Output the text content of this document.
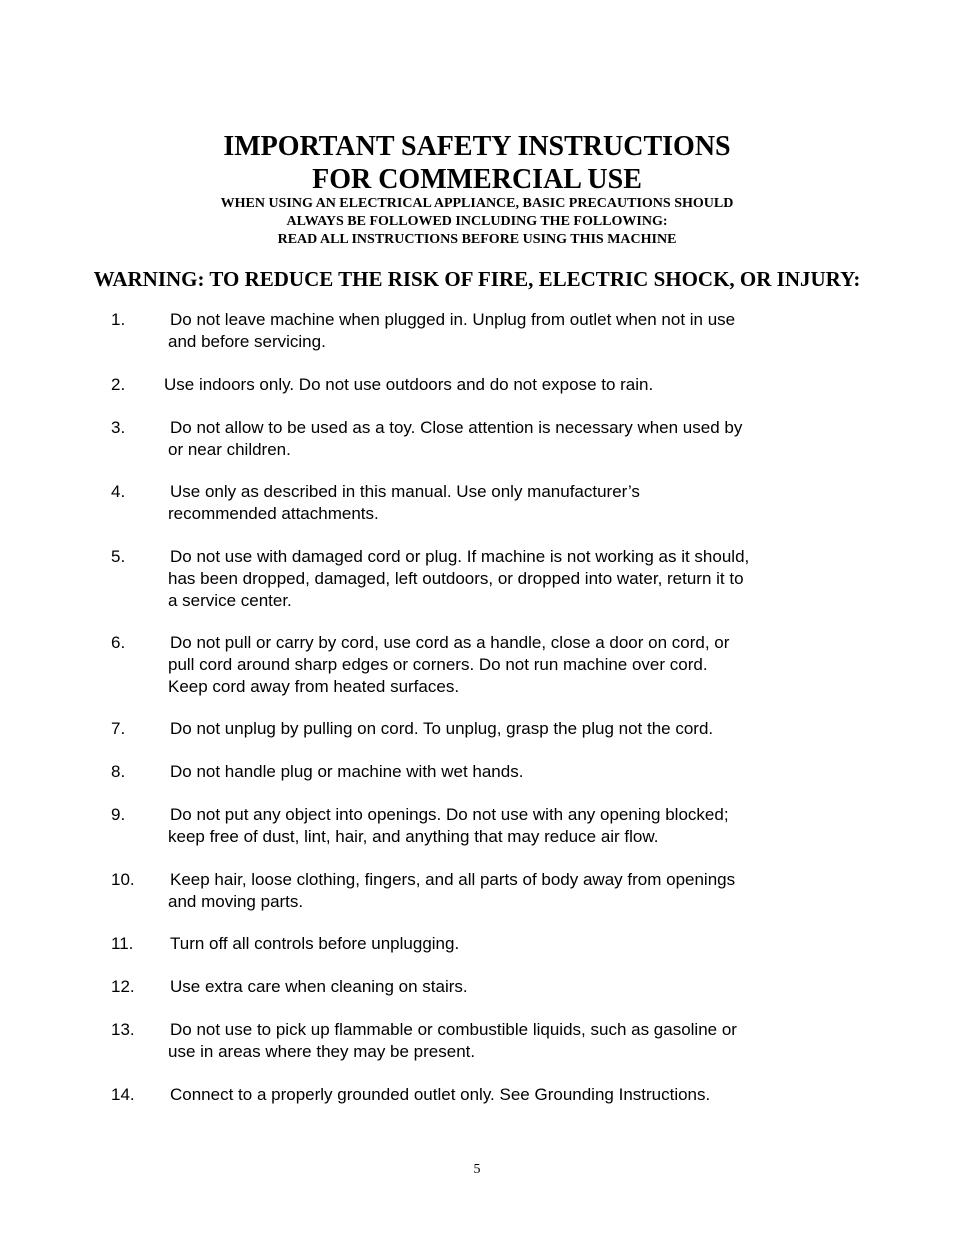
IMPORTANT SAFETY INSTRUCTIONS
FOR COMMERCIAL USE
WHEN USING AN ELECTRICAL APPLIANCE, BASIC PRECAUTIONS SHOULD
ALWAYS BE FOLLOWED INCLUDING THE FOLLOWING:
READ ALL INSTRUCTIONS BEFORE USING THIS MACHINE
WARNING: TO REDUCE THE RISK OF FIRE, ELECTRIC SHOCK, OR INJURY:
1.	Do not leave machine when plugged in. Unplug from outlet when not in use
and before servicing.
2. Use indoors only. Do not use outdoors and do not expose to rain.
3.	Do not allow to be used as a toy. Close attention is necessary when used by
or near children.
4.	Use only as described in this manual. Use only manufacturer’s
recommended attachments.
5.	Do not use with damaged cord or plug. If machine is not working as it should,
has been dropped, damaged, left outdoors, or dropped into water, return it to
a service center.
6.	Do not pull or carry by cord, use cord as a handle, close a door on cord, or
pull cord around sharp edges or corners. Do not run machine over cord.
Keep cord away from heated surfaces.
7.	Do not unplug by pulling on cord. To unplug, grasp the plug not the cord.
8.	Do not handle plug or machine with wet hands.
9.	Do not put any object into openings. Do not use with any opening blocked;
keep free of dust, lint, hair, and anything that may reduce air flow.
10. Keep hair, loose clothing, fingers, and all parts of body away from openings
and moving parts.
11. Turn off all controls before unplugging.
12. Use extra care when cleaning on stairs.
13. Do not use to pick up flammable or combustible liquids, such as gasoline or
use in areas where they may be present.
14. Connect to a properly grounded outlet only. See Grounding Instructions.
5
